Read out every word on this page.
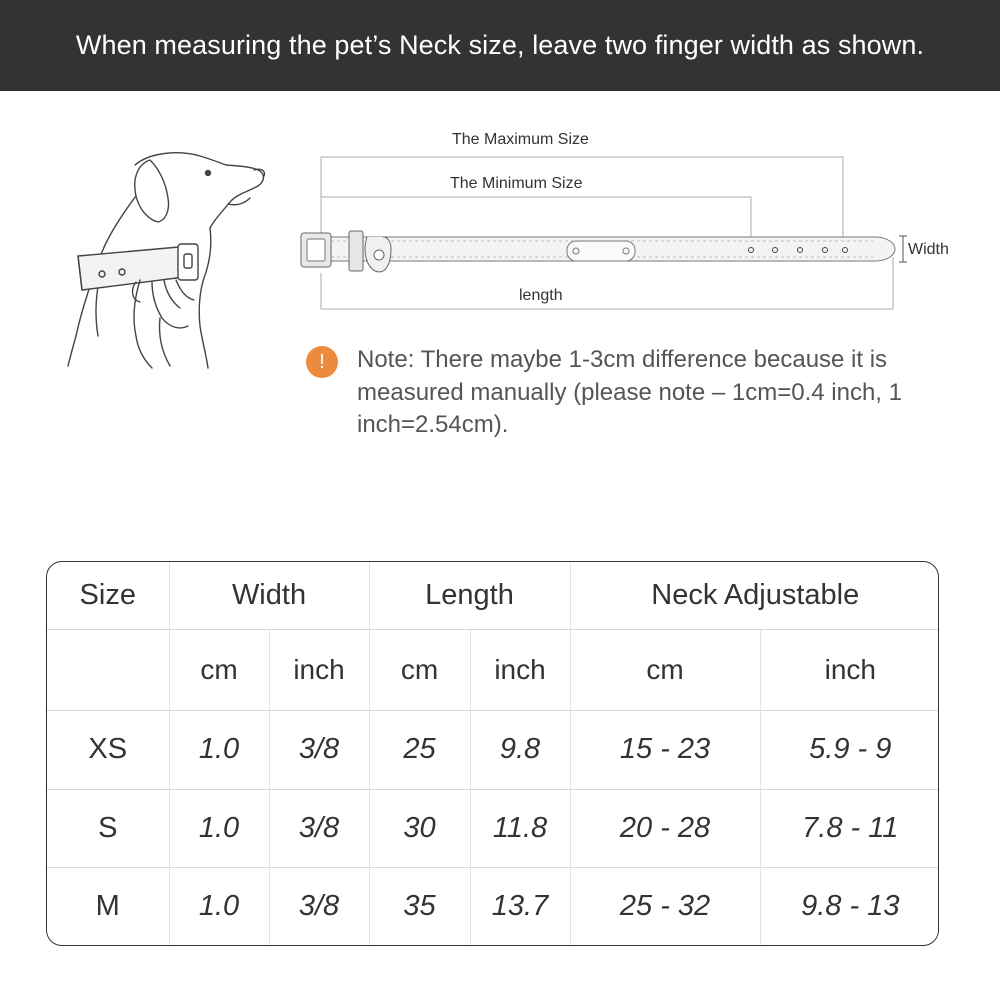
When measuring the pet’s Neck size, leave two finger width as shown.
The Maximum Size
The Minimum Size
Width
length
!	Note: There maybe 1-3cm difference because it is measured manually (please note – 1cm=0.4 inch, 1 inch=2.54cm).
Size	Width		Length		Neck Adjustable	
	cm	inch	cm	inch	cm	inch
XS	1.0	3/8	25	9.8	15 - 23	5.9 - 9
S	1.0	3/8	30	11.8	20 - 28	7.8 - 11
M	1.0	3/8	35	13.7	25 - 32	9.8 - 13
